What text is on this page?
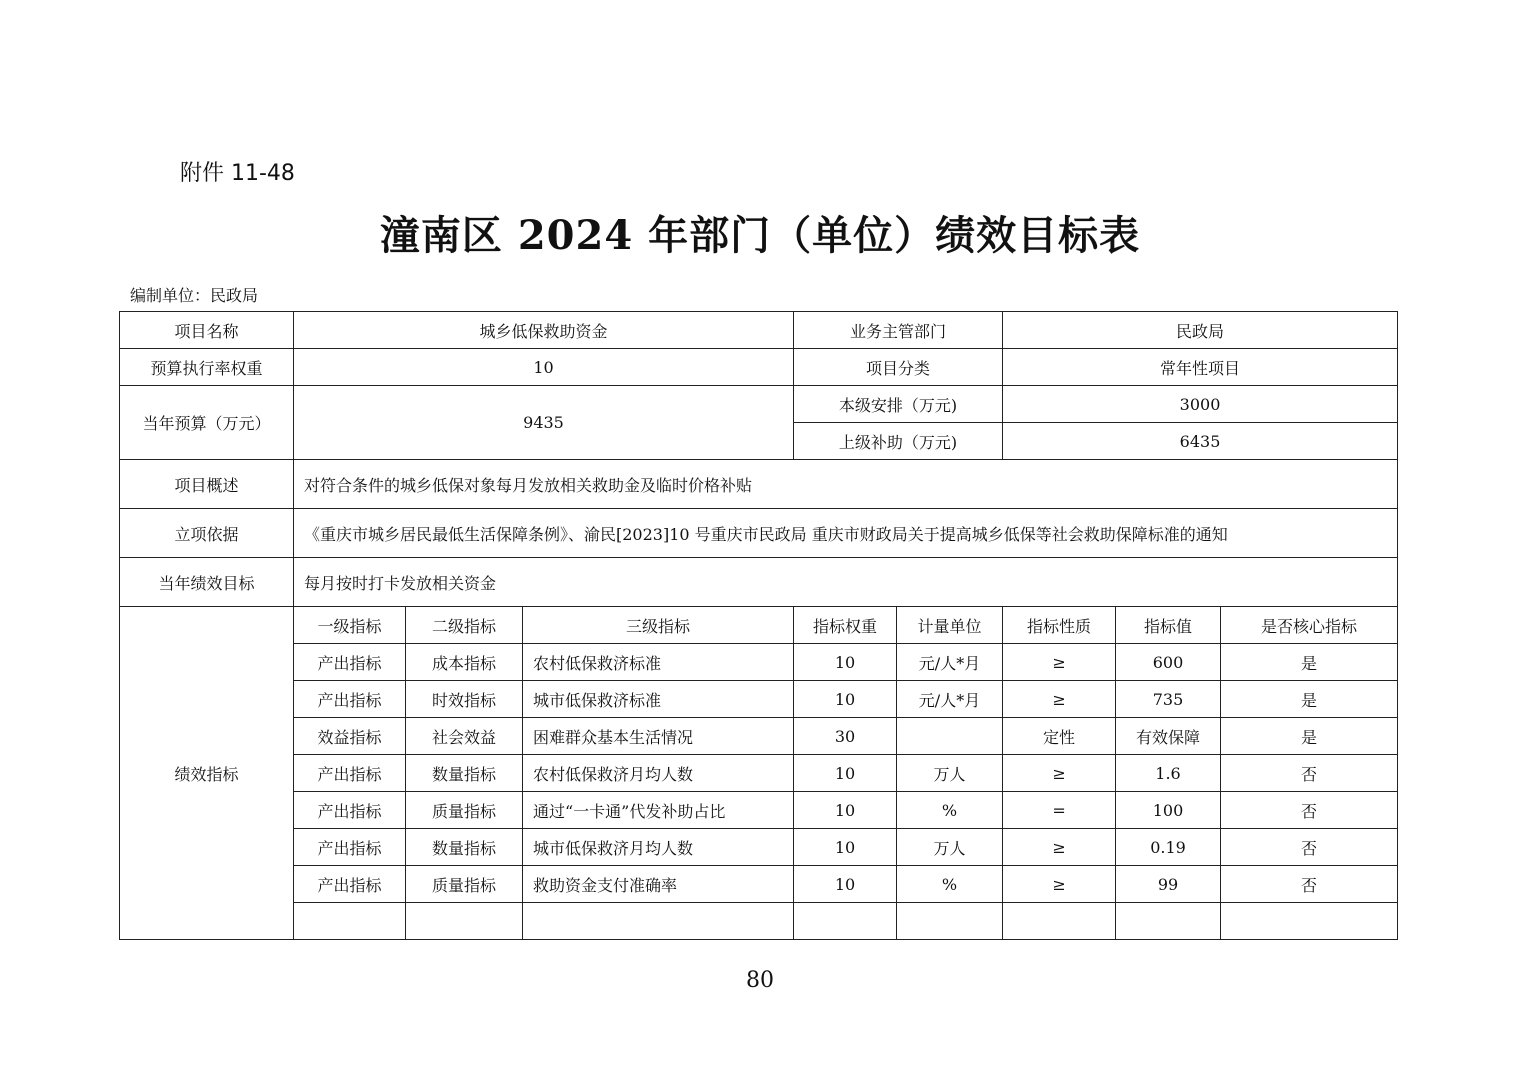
附件 11-48
潼南区 2024 年部门（单位）绩效目标表
编制单位：民政局
项目名称	城乡低保救助资金			业务主管部门		民政局		
预算执行率权重	10			项目分类		常年性项目		
当年预算（万元）	9435			本级安排（万元)		3000		
				上级补助（万元)		6435		
项目概述	对符合条件的城乡低保对象每月发放相关救助金及临时价格补贴							
立项依据	《重庆市城乡居民最低生活保障条例》、渝民[2023]10 号重庆市民政局 重庆市财政局关于提高城乡低保等社会救助保障标准的通知							
当年绩效目标	每月按时打卡发放相关资金							
绩效指标	一级指标	二级指标	三级指标	指标权重	计量单位	指标性质	指标值	是否核心指标
	产出指标	成本指标	农村低保救济标准	10	元/人*月	≥	600	是
	产出指标	时效指标	城市低保救济标准	10	元/人*月	≥	735	是
	效益指标	社会效益	困难群众基本生活情况	30		定性	有效保障	是
	产出指标	数量指标	农村低保救济月均人数	10	万人	≥	1.6	否
	产出指标	质量指标	通过“一卡通”代发补助占比	10	%	=	100	否
	产出指标	数量指标	城市低保救济月均人数	10	万人	≥	0.19	否
	产出指标	质量指标	救助资金支付准确率	10	%	≥	99	否

80
